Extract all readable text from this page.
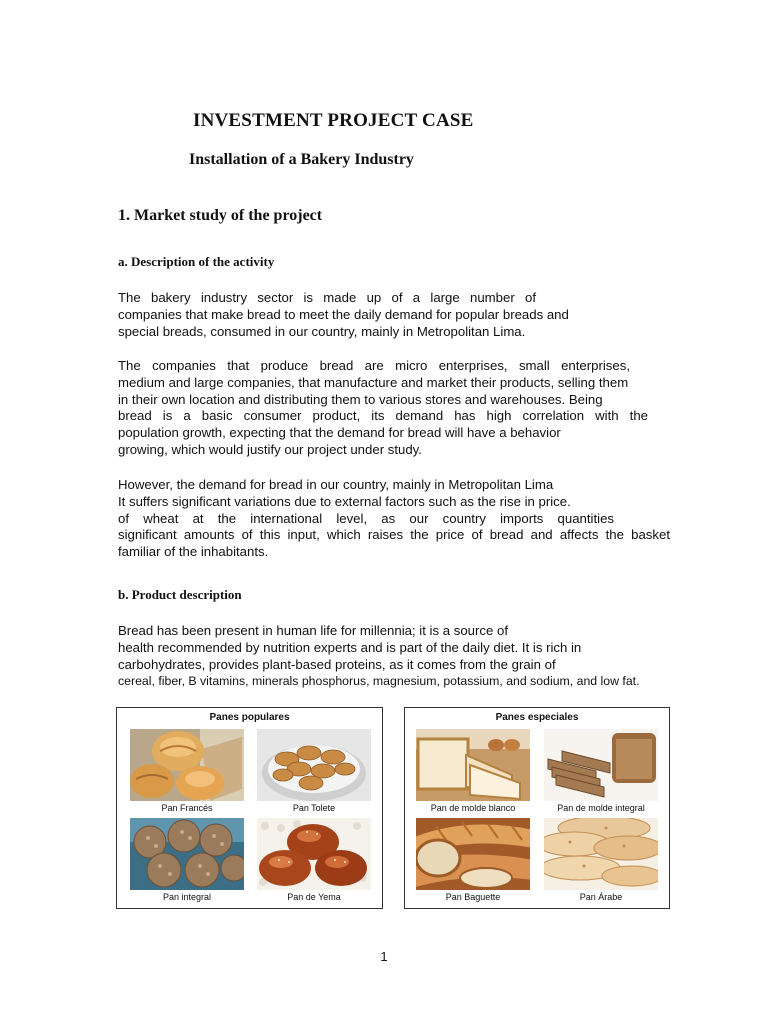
INVESTMENT PROJECT CASE
Installation of a Bakery Industry
1. Market study of the project
a. Description of the activity
The bakery industry sector is made up of a large number of
companies that make bread to meet the daily demand for popular breads and
special breads, consumed in our country, mainly in Metropolitan Lima.
The companies that produce bread are micro enterprises, small enterprises,
medium and large companies, that manufacture and market their products, selling them
in their own location and distributing them to various stores and warehouses. Being
bread is a basic consumer product, its demand has high correlation with the
population growth, expecting that the demand for bread will have a behavior
growing, which would justify our project under study.
However, the demand for bread in our country, mainly in Metropolitan Lima
It suffers significant variations due to external factors such as the rise in price.
of wheat at the international level, as our country imports quantities
significant amounts of this input, which raises the price of bread and affects the basket
familiar of the inhabitants.
b. Product description
Bread has been present in human life for millennia; it is a source of
health recommended by nutrition experts and is part of the daily diet. It is rich in
carbohydrates, provides plant-based proteins, as it comes from the grain of
cereal, fiber, B vitamins, minerals phosphorus, magnesium, potassium, and sodium, and low fat.
Panes populares
Pan Francés	Pan Tolete
Pan integral	Pan de Yema
Panes especiales
Pan de molde blanco	Pan de molde integral
Pan Baguette	Pan Árabe
1
